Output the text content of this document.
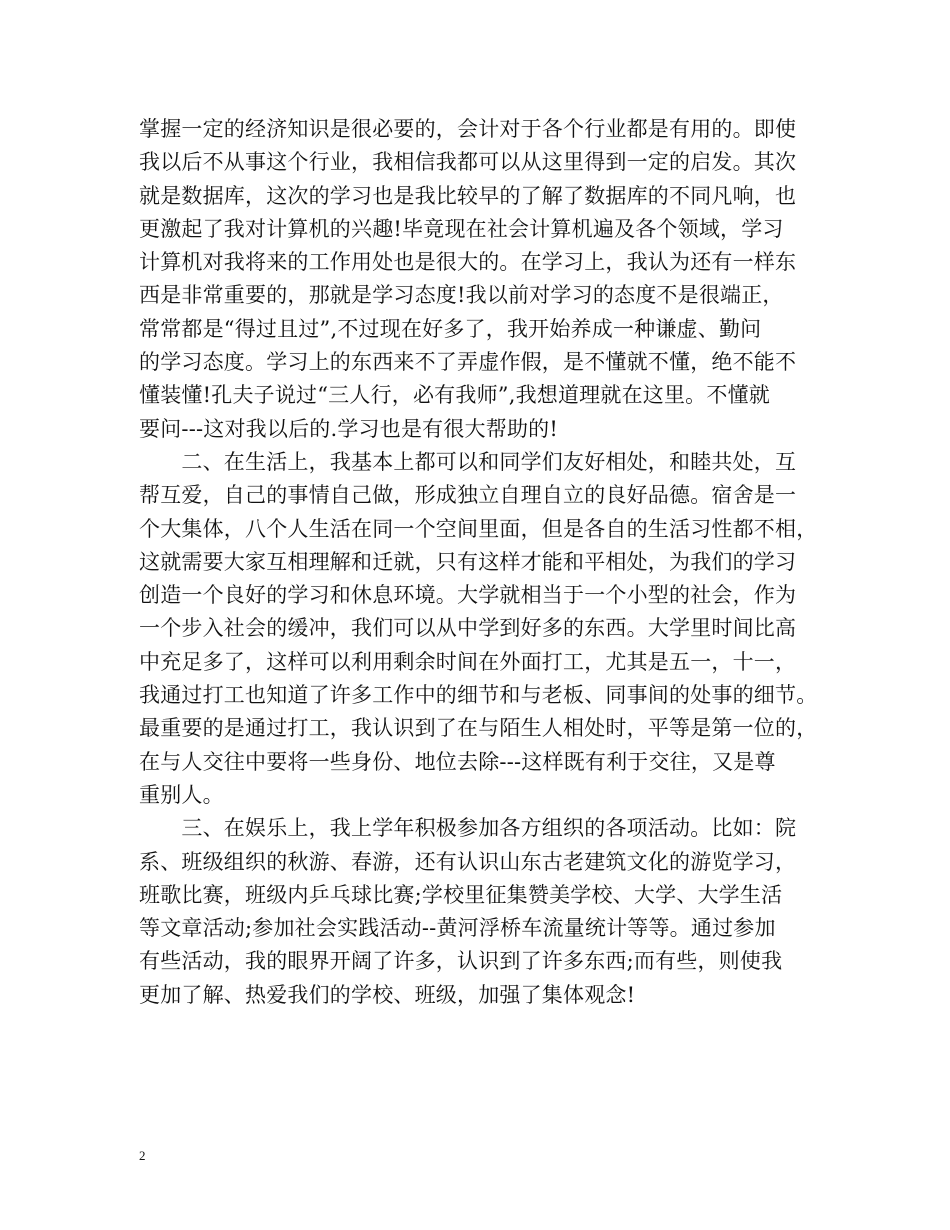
掌握一定的经济知识是很必要的，会计对于各个行业都是有用的。即使
我以后不从事这个行业，我相信我都可以从这里得到一定的启发。其次
就是数据库，这次的学习也是我比较早的了解了数据库的不同凡响，也
更激起了我对计算机的兴趣!毕竟现在社会计算机遍及各个领域，学习
计算机对我将来的工作用处也是很大的。在学习上，我认为还有一样东
西是非常重要的，那就是学习态度!我以前对学习的态度不是很端正，
常常都是“得过且过”,不过现在好多了，我开始养成一种谦虚、勤问
的学习态度。学习上的东西来不了弄虚作假，是不懂就不懂，绝不能不
懂装懂!孔夫子说过“三人行，必有我师”,我想道理就在这里。不懂就
要问---这对我以后的.学习也是有很大帮助的!
　　二、在生活上，我基本上都可以和同学们友好相处，和睦共处，互
帮互爱，自己的事情自己做，形成独立自理自立的良好品德。宿舍是一
个大集体，八个人生活在同一个空间里面，但是各自的生活习性都不相，
这就需要大家互相理解和迁就，只有这样才能和平相处，为我们的学习
创造一个良好的学习和休息环境。大学就相当于一个小型的社会，作为
一个步入社会的缓冲，我们可以从中学到好多的东西。大学里时间比高
中充足多了，这样可以利用剩余时间在外面打工，尤其是五一，十一，
我通过打工也知道了许多工作中的细节和与老板、同事间的处事的细节。
最重要的是通过打工，我认识到了在与陌生人相处时，平等是第一位的，
在与人交往中要将一些身份、地位去除---这样既有利于交往，又是尊
重别人。
　　三、在娱乐上，我上学年积极参加各方组织的各项活动。比如：院
系、班级组织的秋游、春游，还有认识山东古老建筑文化的游览学习，
班歌比赛，班级内乒乓球比赛;学校里征集赞美学校、大学、大学生活
等文章活动;参加社会实践活动--黄河浮桥车流量统计等等。通过参加
有些活动，我的眼界开阔了许多，认识到了许多东西;而有些，则使我
更加了解、热爱我们的学校、班级，加强了集体观念!
2
